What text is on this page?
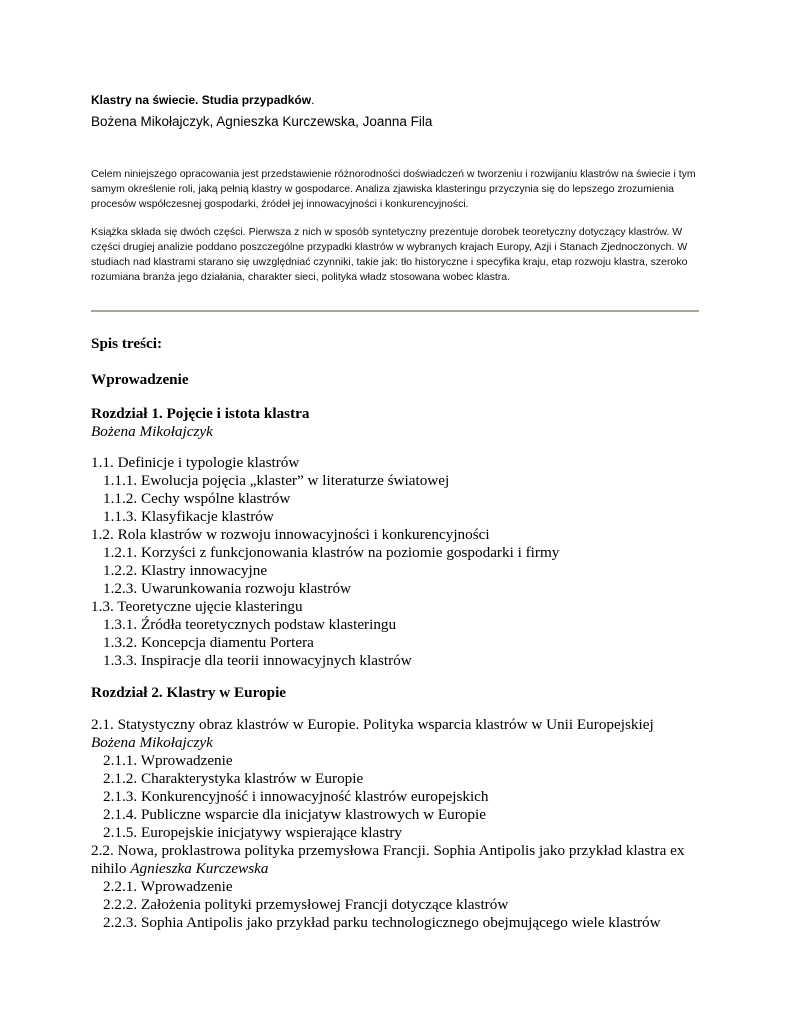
Klastry na świecie. Studia przypadków.
Bożena Mikołajczyk, Agnieszka Kurczewska, Joanna Fila
Celem niniejszego opracowania jest przedstawienie różnorodności doświadczeń w tworzeniu i rozwijaniu klastrów na świecie i tym samym określenie roli, jaką pełnią klastry w gospodarce. Analiza zjawiska klasteringu przyczynia się do lepszego zrozumienia procesów współczesnej gospodarki, źródeł jej innowacyjności i konkurencyjności.
Książka składa się dwóch części. Pierwsza z nich w sposób syntetyczny prezentuje dorobek teoretyczny dotyczący klastrów. W części drugiej analizie poddano poszczególne przypadki klastrów w wybranych krajach Europy, Azji i Stanach Zjednoczonych. W studiach nad klastrami starano się uwzględniać czynniki, takie jak: tło historyczne i specyfika kraju, etap rozwoju klastra, szeroko rozumiana branża jego działania, charakter sieci, polityka władz stosowana wobec klastra.
Spis treści:
Wprowadzenie
Rozdział 1. Pojęcie i istota klastra
Bożena Mikołajczyk
1.1. Definicje i typologie klastrów
1.1.1. Ewolucja pojęcia „klaster” w literaturze światowej
1.1.2. Cechy wspólne klastrów
1.1.3. Klasyfikacje klastrów
1.2. Rola klastrów w rozwoju innowacyjności i konkurencyjności
1.2.1. Korzyści z funkcjonowania klastrów na poziomie gospodarki i firmy
1.2.2. Klastry innowacyjne
1.2.3. Uwarunkowania rozwoju klastrów
1.3. Teoretyczne ujęcie klasteringu
1.3.1. Źródła teoretycznych podstaw klasteringu
1.3.2. Koncepcja diamentu Portera
1.3.3. Inspiracje dla teorii innowacyjnych klastrów
Rozdział 2. Klastry w Europie
2.1. Statystyczny obraz klastrów w Europie. Polityka wsparcia klastrów w Unii Europejskiej
Bożena Mikołajczyk
2.1.1. Wprowadzenie
2.1.2. Charakterystyka klastrów w Europie
2.1.3. Konkurencyjność i innowacyjność klastrów europejskich
2.1.4. Publiczne wsparcie dla inicjatyw klastrowych w Europie
2.1.5. Europejskie inicjatywy wspierające klastry
2.2. Nowa, proklastrowa polityka przemysłowa Francji. Sophia Antipolis jako przykład klastra ex nihilo Agnieszka Kurczewska
2.2.1. Wprowadzenie
2.2.2. Założenia polityki przemysłowej Francji dotyczące klastrów
2.2.3. Sophia Antipolis jako przykład parku technologicznego obejmującego wiele klastrów
